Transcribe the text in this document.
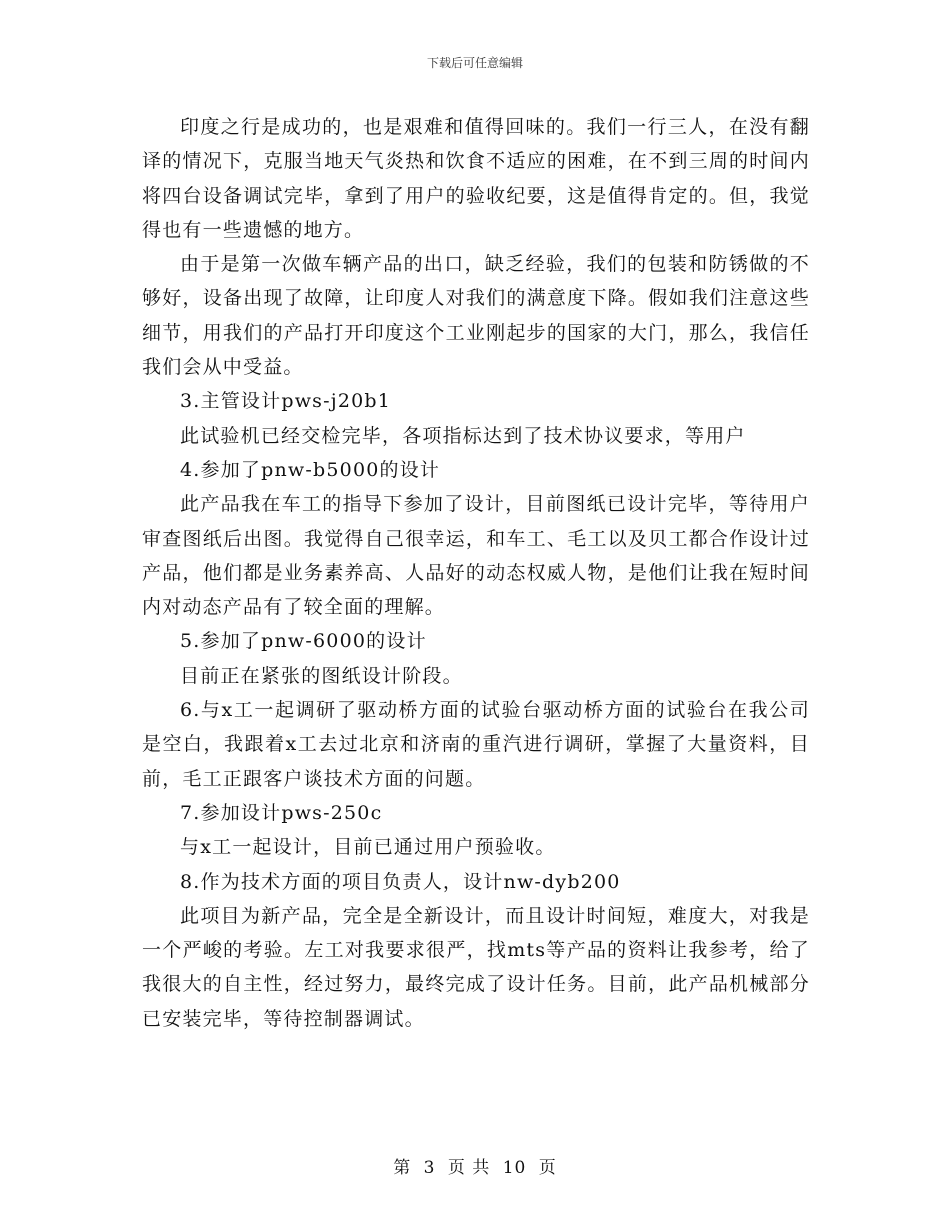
下载后可任意编辑

印度之行是成功的，也是艰难和值得回味的。我们一行三人，在没有翻译的情况下，克服当地天气炎热和饮食不适应的困难，在不到三周的时间内将四台设备调试完毕，拿到了用户的验收纪要，这是值得肯定的。但，我觉得也有一些遗憾的地方。

由于是第一次做车辆产品的出口，缺乏经验，我们的包装和防锈做的不够好，设备出现了故障，让印度人对我们的满意度下降。假如我们注意这些细节，用我们的产品打开印度这个工业刚起步的国家的大门，那么，我信任我们会从中受益。

3.主管设计pws-j20b1

此试验机已经交检完毕，各项指标达到了技术协议要求，等用户

4.参加了pnw-b5000的设计

此产品我在车工的指导下参加了设计，目前图纸已设计完毕，等待用户审查图纸后出图。我觉得自己很幸运，和车工、毛工以及贝工都合作设计过产品，他们都是业务素养高、人品好的动态权威人物，是他们让我在短时间内对动态产品有了较全面的理解。

5.参加了pnw-6000的设计

目前正在紧张的图纸设计阶段。

6.与x工一起调研了驱动桥方面的试验台驱动桥方面的试验台在我公司是空白，我跟着x工去过北京和济南的重汽进行调研，掌握了大量资料，目前，毛工正跟客户谈技术方面的问题。

7.参加设计pws-250c

与x工一起设计，目前已通过用户预验收。

8.作为技术方面的项目负责人，设计nw-dyb200

此项目为新产品，完全是全新设计，而且设计时间短，难度大，对我是一个严峻的考验。左工对我要求很严，找mts等产品的资料让我参考，给了我很大的自主性，经过努力，最终完成了设计任务。目前，此产品机械部分已安装完毕，等待控制器调试。

第 3 页 共 10 页
